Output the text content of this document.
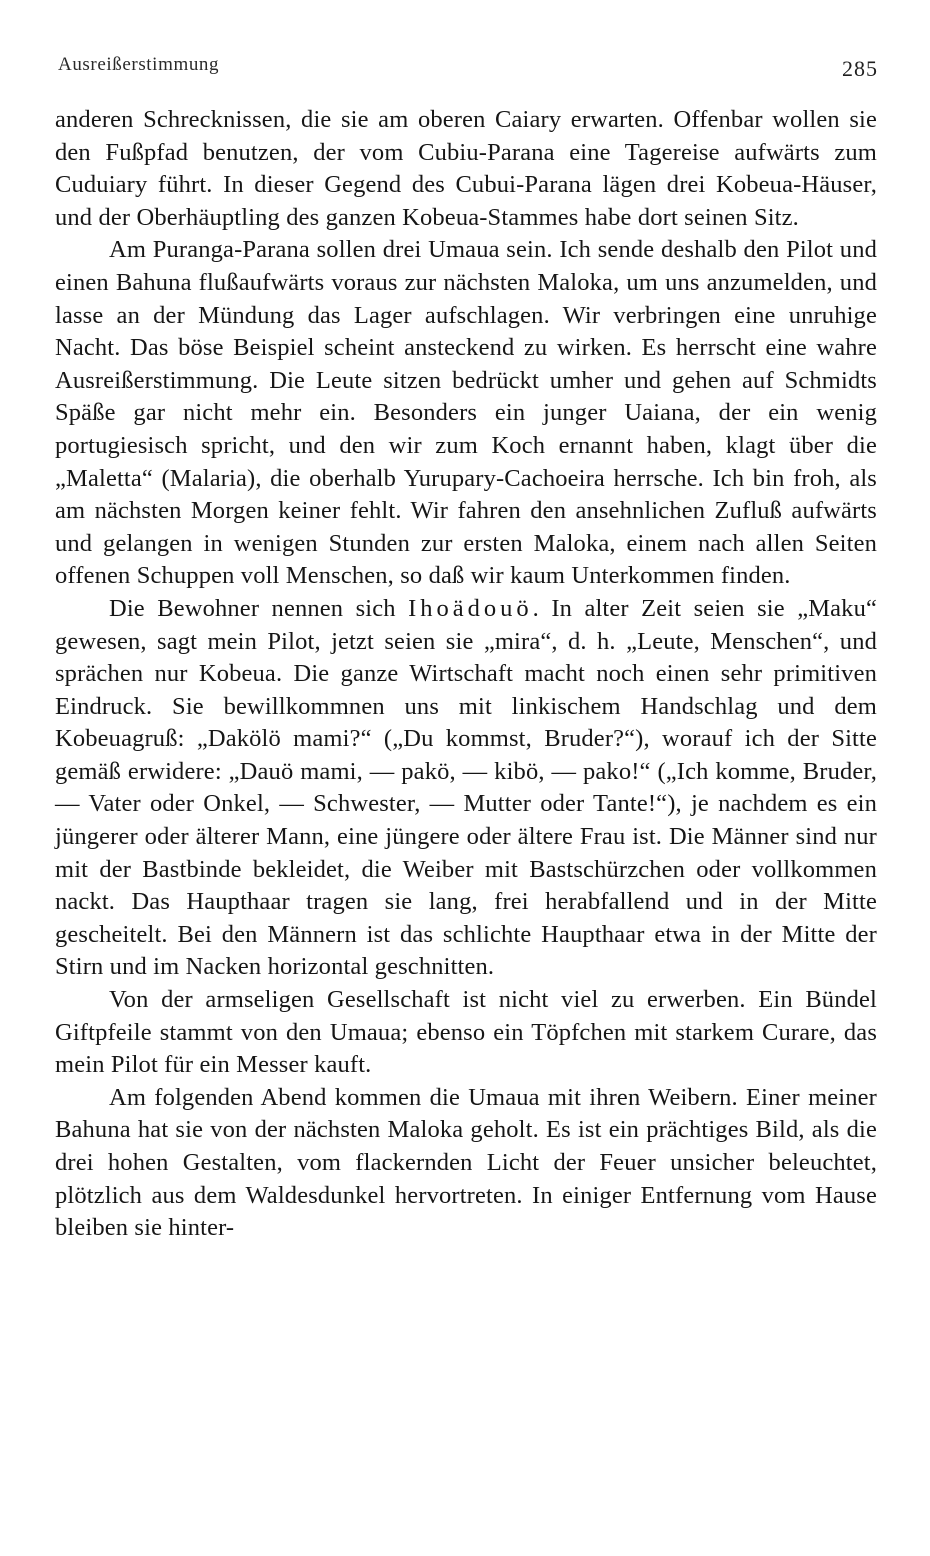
Ausreißerstimmung	285

anderen Schrecknissen, die sie am oberen Caiary erwarten. Offenbar wollen sie den Fußpfad benutzen, der vom Cubiu-Parana eine Tagereise aufwärts zum Cuduiary führt. In dieser Gegend des Cubui-Parana lägen drei Kobeua-Häuser, und der Oberhäuptling des ganzen Kobeua-Stammes habe dort seinen Sitz.

Am Puranga-Parana sollen drei Umaua sein. Ich sende deshalb den Pilot und einen Bahuna flußaufwärts voraus zur nächsten Maloka, um uns anzumelden, und lasse an der Mündung das Lager aufschlagen. Wir verbringen eine unruhige Nacht. Das böse Beispiel scheint ansteckend zu wirken. Es herrscht eine wahre Ausreißerstimmung. Die Leute sitzen bedrückt umher und gehen auf Schmidts Späße gar nicht mehr ein. Besonders ein junger Uaiana, der ein wenig portugiesisch spricht, und den wir zum Koch ernannt haben, klagt über die „Maletta“ (Malaria), die oberhalb Yurupary-Cachoeira herrsche. Ich bin froh, als am nächsten Morgen keiner fehlt. Wir fahren den ansehnlichen Zufluß aufwärts und gelangen in wenigen Stunden zur ersten Maloka, einem nach allen Seiten offenen Schuppen voll Menschen, so daß wir kaum Unterkommen finden.

Die Bewohner nennen sich Ihoädouö. In alter Zeit seien sie „Maku“ gewesen, sagt mein Pilot, jetzt seien sie „mira“, d. h. „Leute, Menschen“, und sprächen nur Kobeua. Die ganze Wirtschaft macht noch einen sehr primitiven Eindruck. Sie bewillkommnen uns mit linkischem Handschlag und dem Kobeuagruß: „Dakölö mami?“ („Du kommst, Bruder?“), worauf ich der Sitte gemäß erwidere: „Dauö mami, — pakö, — kibö, — pako!“ („Ich komme, Bruder, — Vater oder Onkel, — Schwester, — Mutter oder Tante!“), je nachdem es ein jüngerer oder älterer Mann, eine jüngere oder ältere Frau ist. Die Männer sind nur mit der Bastbinde bekleidet, die Weiber mit Bastschürzchen oder vollkommen nackt. Das Haupthaar tragen sie lang, frei herabfallend und in der Mitte gescheitelt. Bei den Männern ist das schlichte Haupthaar etwa in der Mitte der Stirn und im Nacken horizontal geschnitten.

Von der armseligen Gesellschaft ist nicht viel zu erwerben. Ein Bündel Giftpfeile stammt von den Umaua; ebenso ein Töpfchen mit starkem Curare, das mein Pilot für ein Messer kauft.

Am folgenden Abend kommen die Umaua mit ihren Weibern. Einer meiner Bahuna hat sie von der nächsten Maloka geholt. Es ist ein prächtiges Bild, als die drei hohen Gestalten, vom flackernden Licht der Feuer unsicher beleuchtet, plötzlich aus dem Waldesdunkel hervortreten. In einiger Entfernung vom Hause bleiben sie hinter-
